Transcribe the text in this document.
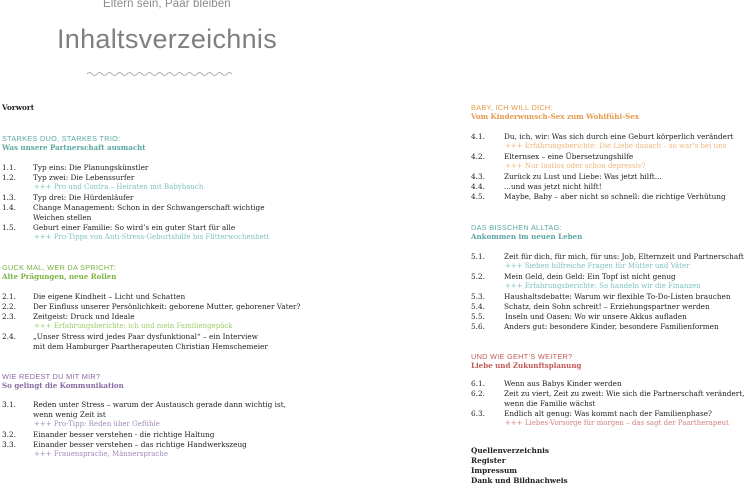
Eltern sein, Paar bleiben
Inhaltsverzeichnis
Vorwort
STARKES DUO, STARKES TRIO:
Was unsere Partnerschaft ausmacht
1.1. Typ eins: Die Planungskünstler
1.2. Typ zwei: Die Lebenssurfer
+++ Pro und Contra – Heiraten mit Babybauch
1.3. Typ drei: Die Hürdenläufer
1.4. Change Management: Schon in der Schwangerschaft wichtige
Weichen stellen
1.5. Geburt einer Familie: So wird’s ein guter Start für alle
+++ Pro-Tipps von Anti-Stress-Geburtshilfe bis Flitterwochenbett
GUCK MAL, WER DA SPRICHT:
Alte Prägungen, neue Rollen
2.1. Die eigene Kindheit – Licht und Schatten
2.2. Der Einfluss unserer Persönlichkeit: geborene Mutter, geborener Vater?
2.3. Zeitgeist: Druck und Ideale
+++ Erfahrungsberichte: ich und mein Familiengepäck
2.4. „Unser Stress wird jedes Paar dysfunktional“ – ein Interview
mit dem Hamburger Paartherapeuten Christian Hemschemeier
WIE REDEST DU MIT MIR?
So gelingt die Kommunikation
3.1. Reden unter Stress – warum der Austausch gerade dann wichtig ist,
wenn wenig Zeit ist
+++ Pro-Tipp: Reden über Gefühle
3.2. Einander besser verstehen - die richtige Haltung
3.3. Einander besser verstehen – das richtige Handwerkszeug
+++ Frauensprache, Männersprache
BABY, ICH WILL DICH:
Vom Kinderwunsch-Sex zum Wohlfühl-Sex
4.1.	Du, ich, wir: Was sich durch eine Geburt körperlich verändert
+++ Erfahrungsberichte: Die Liebe danach – so war’s bei uns
4.2.	Elternsex – eine Übersetzungshilfe
+++ Nur lustlos oder schon depressiv?
4.3.	Zurück zu Lust und Liebe: Was jetzt hilft...
4.4.	...und was jetzt nicht hilft!
4.5.	Maybe, Baby – aber nicht so schnell: die richtige Verhütung
DAS BISSCHEN ALLTAG:
Ankommen im neuen Leben
5.1.	Zeit für dich, für mich, für uns: Job, Elternzeit und Partnerschaft
+++ Sieben hilfreiche Fragen für Mütter und Väter
5.2.	Mein Geld, dein Geld: Ein Topf ist nicht genug
+++ Erfahrungsberichte: So handeln wir die Finanzen
5.3.	Haushaltsdebatte: Warum wir flexible To-Do-Listen brauchen
5.4.	Schatz, dein Sohn schreit! – Erziehungspartner werden
5.5.	Inseln und Oasen: Wo wir unsere Akkus aufladen
5.6.	Anders gut: besondere Kinder, besondere Familienformen
UND WIE GEHT’S WEITER?
Liebe und Zukunftsplanung
6.1.	Wenn aus Babys Kinder werden
6.2.	Zeit zu viert, Zeit zu zweit: Wie sich die Partnerschaft verändert,
wenn die Familie wächst
6.3.	Endlich alt genug: Was kommt nach der Familienphase?
+++ Liebes-Vorsorge für morgen – das sagt der Paartherapeut
Quellenverzeichnis
Register
Impressum
Dank und Bildnachweis
